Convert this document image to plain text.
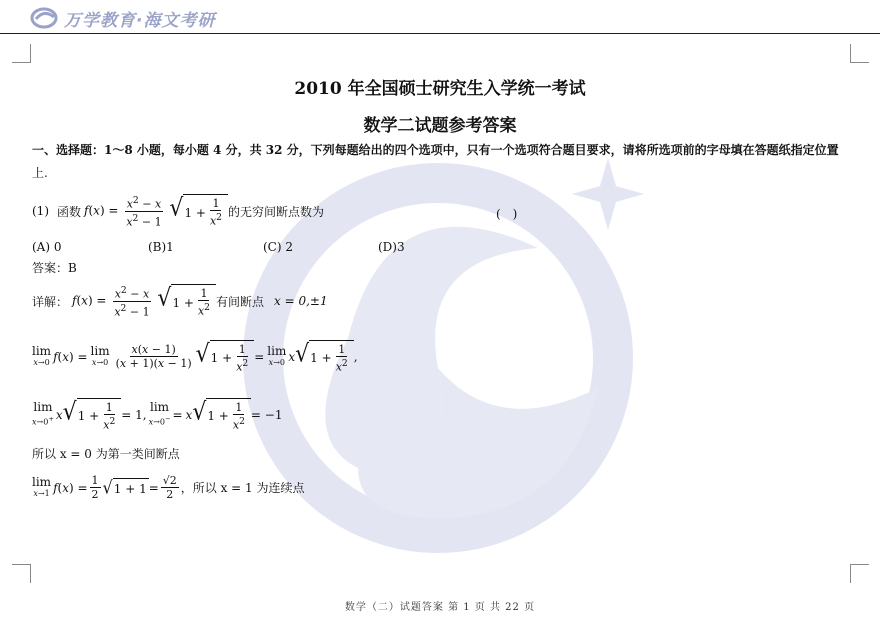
万学教育·海文考研
2010 年全国硕士研究生入学统一考试
数学二试题参考答案
一、选择题：1～8 小题，每小题 4 分，共 32 分，下列每题给出的四个选项中，只有一个选项符合题目要求，请将所选项前的字母填在答题纸指定位置
上.
(1) 函数 $f(x) = \frac{x^2 - x}{x^2 - 1}$
√ $1 + \frac{1}{x^2}$ 的无穷间断点数为	(　)
(A) 0	(B)1	(C) 2	(D)3
答案：B
详解： $f(x) = \frac{x^2 - x}{x^2 - 1}$
√ $1 + \frac{1}{x^2}$ 有间断点 x = 0,±1
lim
x→0 f ( x ) = lim
$x\to 0 \frac{x(x - 1)}{(x + 1)(x - 1)}$ √ $1 + \frac{1}{x^2} = \lim$
x→0 x √ $1 + \frac{1}{x^2}$ ,
lim
x→0+ x √ $1 + \frac{1}{x^2} = 1$,
lim
x→0− = x √ $1 + \frac{1}{x^2} = -1$
所以 x = 0 为第一类间断点
lim
x→1 f ( x ) = $\frac{1}{2}$ √ $1 + 1 = \frac{√2}{2}$ ，所以 x = 1 为连续点
数学（二）试题答案 第 1 页 共 22 页
